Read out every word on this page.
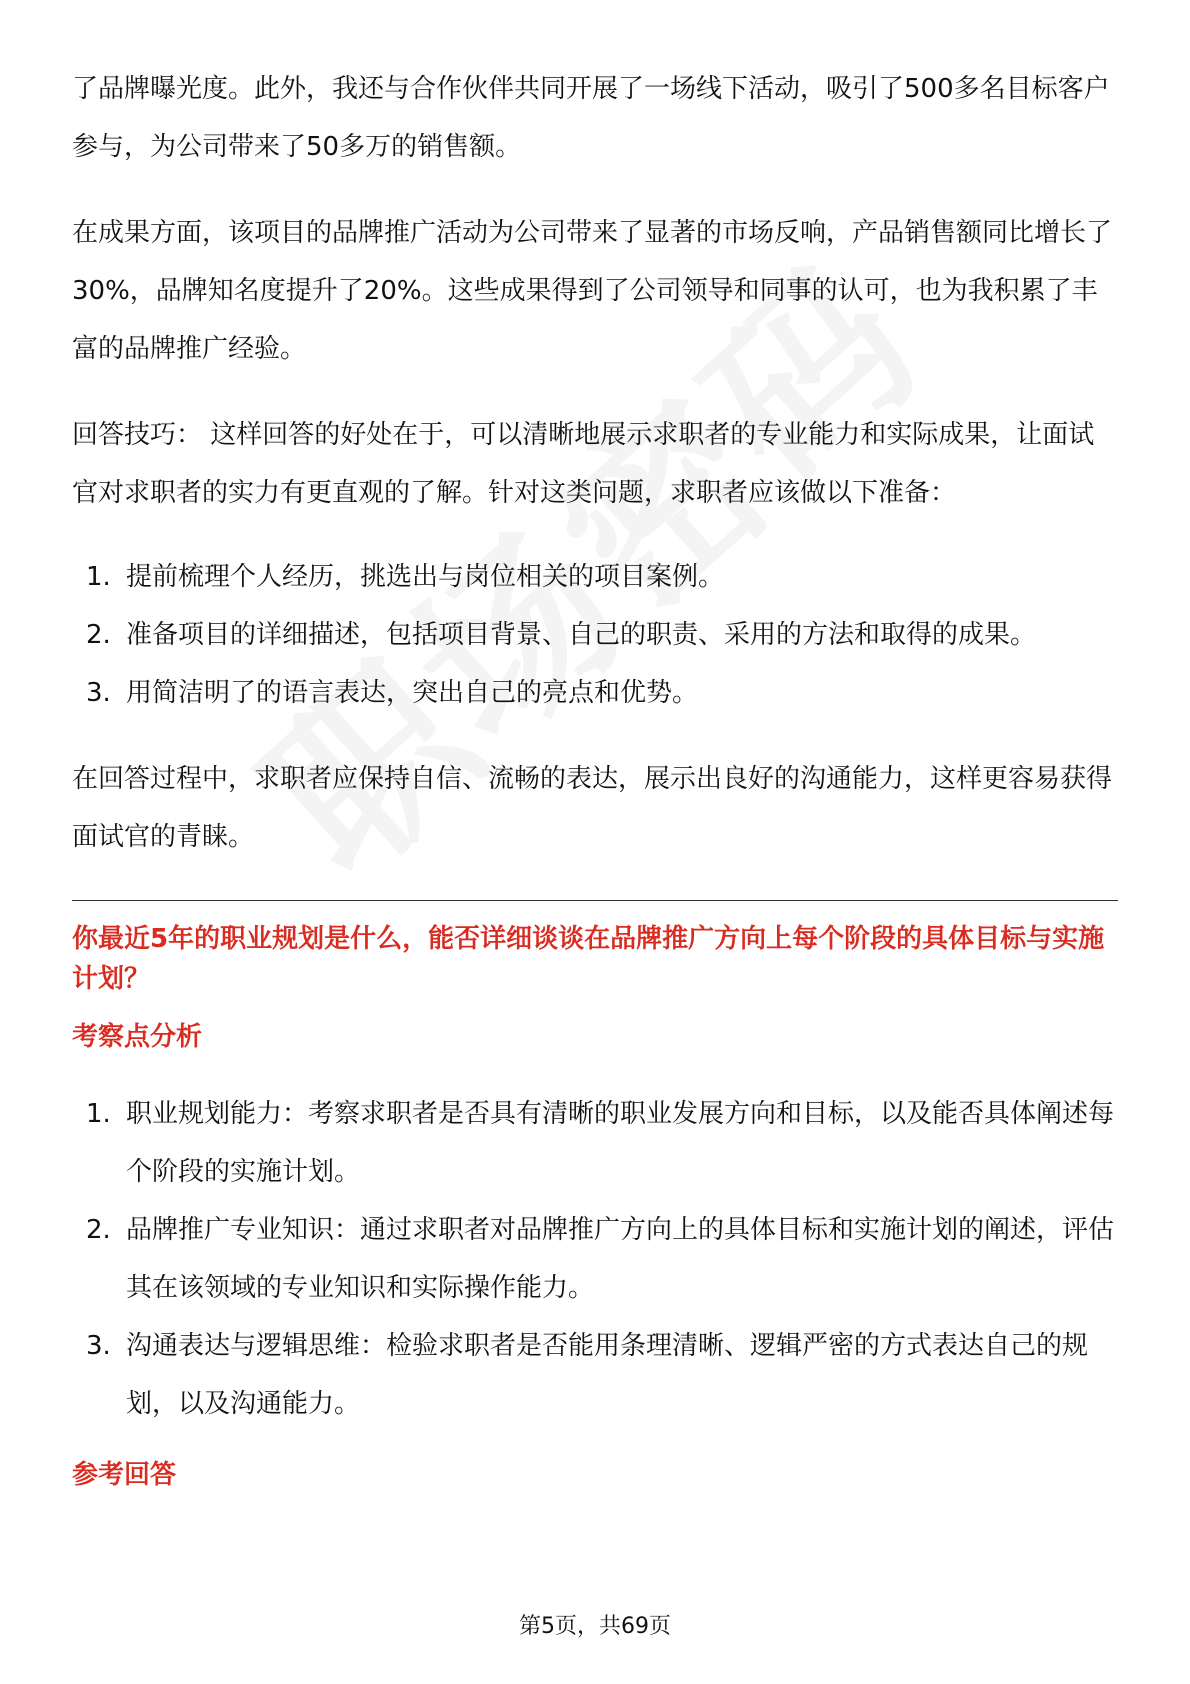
了品牌曝光度。此外，我还与合作伙伴共同开展了一场线下活动，吸引了500多名目标客户参与，为公司带来了50多万的销售额。

在成果方面，该项目的品牌推广活动为公司带来了显著的市场反响，产品销售额同比增长了30%，品牌知名度提升了20%。这些成果得到了公司领导和同事的认可，也为我积累了丰富的品牌推广经验。

回答技巧： 这样回答的好处在于，可以清晰地展示求职者的专业能力和实际成果，让面试官对求职者的实力有更直观的了解。针对这类问题，求职者应该做以下准备：

1. 提前梳理个人经历，挑选出与岗位相关的项目案例。
2. 准备项目的详细描述，包括项目背景、自己的职责、采用的方法和取得的成果。
3. 用简洁明了的语言表达，突出自己的亮点和优势。

在回答过程中，求职者应保持自信、流畅的表达，展示出良好的沟通能力，这样更容易获得面试官的青睐。

你最近5年的职业规划是什么，能否详细谈谈在品牌推广方向上每个阶段的具体目标与实施计划？
考察点分析
1. 职业规划能力：考察求职者是否具有清晰的职业发展方向和目标，以及能否具体阐述每个阶段的实施计划。
2. 品牌推广专业知识：通过求职者对品牌推广方向上的具体目标和实施计划的阐述，评估其在该领域的专业知识和实际操作能力。
3. 沟通表达与逻辑思维：检验求职者是否能用条理清晰、逻辑严密的方式表达自己的规划，以及沟通能力。
参考回答
第5页，共69页
